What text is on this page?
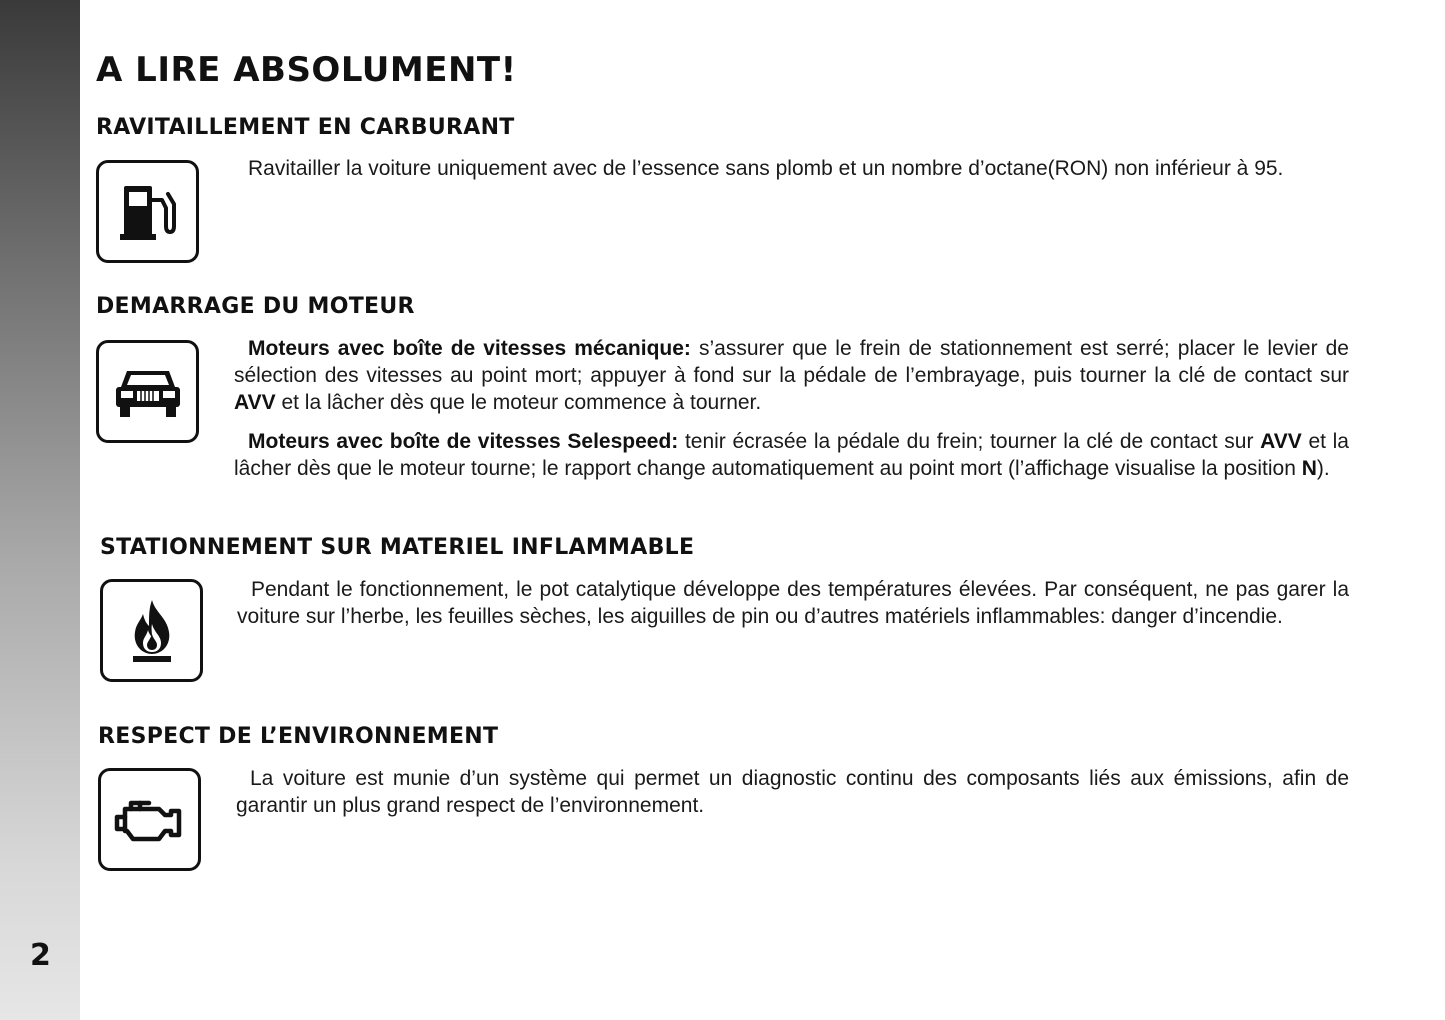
2
A LIRE ABSOLUMENT!
RAVITAILLEMENT EN CARBURANT
Ravitailler la voiture uniquement avec de l’essence sans plomb et un nombre d’octane(RON) non inférieur à 95.
DEMARRAGE DU MOTEUR
Moteurs avec boîte de vitesses mécanique: s’assurer que le frein de stationnement est serré; placer le levier de sélection des vitesses au point mort; appuyer à fond sur la pédale de l’embrayage, puis tourner la clé de contact sur AVV et la lâcher dès que le moteur commence à tourner.
Moteurs avec boîte de vitesses Selespeed: tenir écrasée la pédale du frein; tourner la clé de contact sur AVV et la lâcher dès que le moteur tourne; le rapport change automatiquement au point mort (l’affichage visualise la position N).
STATIONNEMENT SUR MATERIEL INFLAMMABLE
Pendant le fonctionnement, le pot catalytique développe des températures élevées. Par conséquent, ne pas garer la voiture sur l’herbe, les feuilles sèches, les aiguilles de pin ou d’autres matériels inflammables: danger d’incendie.
RESPECT DE L’ENVIRONNEMENT
La voiture est munie d’un système qui permet un diagnostic continu des composants liés aux émissions, afin de garantir un plus grand respect de l’environnement.
